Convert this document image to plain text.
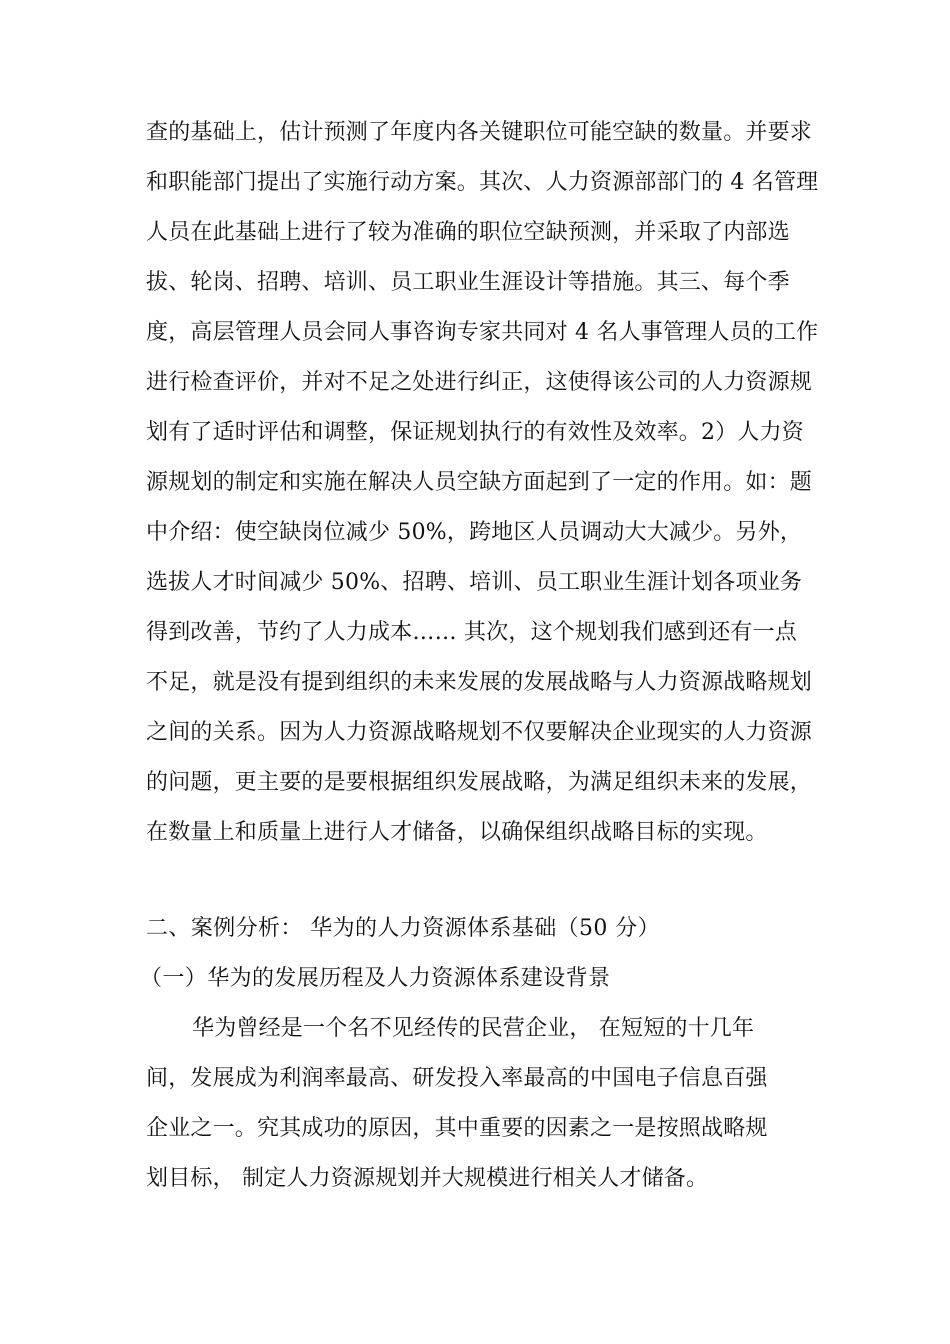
查的基础上，估计预测了年度内各关键职位可能空缺的数量。并要求
和职能部门提出了实施行动方案。其次、人力资源部部门的 4 名管理
人员在此基础上进行了较为准确的职位空缺预测，并采取了内部选
拔、轮岗、招聘、培训、员工职业生涯设计等措施。其三、每个季
度，高层管理人员会同人事咨询专家共同对 4 名人事管理人员的工作
进行检查评价，并对不足之处进行纠正，这使得该公司的人力资源规
划有了适时评估和调整，保证规划执行的有效性及效率。2）人力资
源规划的制定和实施在解决人员空缺方面起到了一定的作用。如：题
中介绍：使空缺岗位减少 50%，跨地区人员调动大大减少。另外，
选拔人才时间减少 50%、招聘、培训、员工职业生涯计划各项业务
得到改善，节约了人力成本…… 其次，这个规划我们感到还有一点
不足，就是没有提到组织的未来发展的发展战略与人力资源战略规划
之间的关系。因为人力资源战略规划不仅要解决企业现实的人力资源
的问题，更主要的是要根据组织发展战略，为满足组织未来的发展，
在数量上和质量上进行人才储备，以确保组织战略目标的实现。
二、案例分析： 华为的人力资源体系基础（50 分）
（一）华为的发展历程及人力资源体系建设背景
华为曾经是一个名不见经传的民营企业， 在短短的十几年
间，发展成为利润率最高、研发投入率最高的中国电子信息百强
企业之一。究其成功的原因，其中重要的因素之一是按照战略规
划目标， 制定人力资源规划并大规模进行相关人才储备。
